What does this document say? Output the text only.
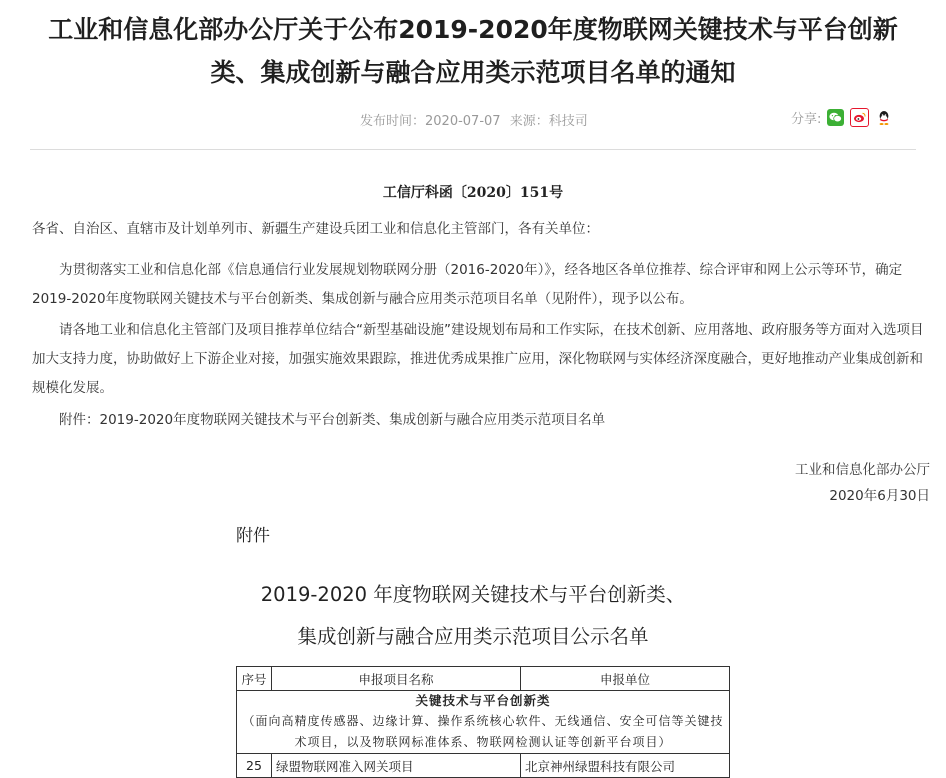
工业和信息化部办公厅关于公布2019-2020年度物联网关键技术与平台创新
类、集成创新与融合应用类示范项目名单的通知
发布时间：2020-07-07 来源：科技司	分享:
工信厅科函〔2020〕151号

各省、自治区、直辖市及计划单列市、新疆生产建设兵团工业和信息化主管部门，各有关单位：

为贯彻落实工业和信息化部《信息通信行业发展规划物联网分册（2016-2020年）》，经各地区各单位推荐、综合评审和网上公示等环节，确定2019-2020年度物联网关键技术与平台创新类、集成创新与融合应用类示范项目名单（见附件），现予以公布。

请各地工业和信息化主管部门及项目推荐单位结合“新型基础设施”建设规划布局和工作实际，在技术创新、应用落地、政府服务等方面对入选项目加大支持力度，协助做好上下游企业对接，加强实施效果跟踪，推进优秀成果推广应用，深化物联网与实体经济深度融合，更好地推动产业集成创新和规模化发展。

附件：2019-2020年度物联网关键技术与平台创新类、集成创新与融合应用类示范项目名单

工业和信息化部办公厅
2020年6月30日
附件
2019-2020 年度物联网关键技术与平台创新类、
集成创新与融合应用类示范项目公示名单
序号	申报项目名称	申报单位

关键技术与平台创新类
（面向高精度传感器、边缘计算、操作系统核心软件、无线通信、安全可信等关键技术项目，以及物联网标准体系、物联网检测认证等创新平台项目）		

25	绿盟物联网准入网关项目	北京神州绿盟科技有限公司
